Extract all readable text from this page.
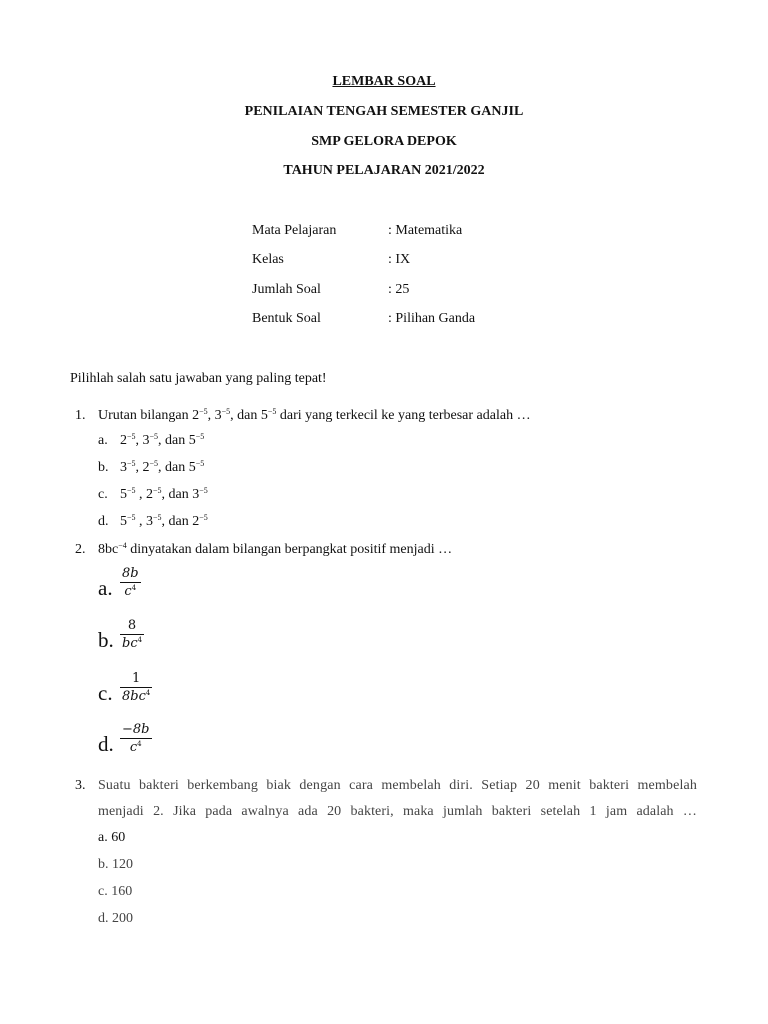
LEMBAR SOAL
PENILAIAN TENGAH SEMESTER GANJIL
SMP GELORA DEPOK
TAHUN PELAJARAN 2021/2022
Mata Pelajaran	: Matematika
Kelas	: IX
Jumlah Soal	: 25
Bentuk Soal	: Pilihan Ganda
Pilihlah salah satu jawaban yang paling tepat!
1. Urutan bilangan $2^{-5}$, $3^{-5}$, dan $5^{-5}$ dari yang terkecil ke yang terbesar adalah …
a. $2^{-5}$, $3^{-5}$, dan $5^{-5}$
b. $3^{-5}$, $2^{-5}$, dan $5^{-5}$
c. $5^{-5}$ , $2^{-5}$, dan $3^{-5}$
d. $5^{-5}$ , $3^{-5}$, dan $2^{-5}$
2. $8bc^{-4}$ dinyatakan dalam bilangan berpangkat positif menjadi …
a.
8b
$c^4$
b.
8
$bc^4$
c.
1
$8bc^4$
d.
−8b
$c^4$
3. Suatu bakteri berkembang biak dengan cara membelah diri. Setiap 20 menit bakteri membelah
menjadi 2. Jika pada awalnya ada 20 bakteri, maka jumlah bakteri setelah 1 jam adalah …
a. 60
b. 120
c. 160
d. 200
